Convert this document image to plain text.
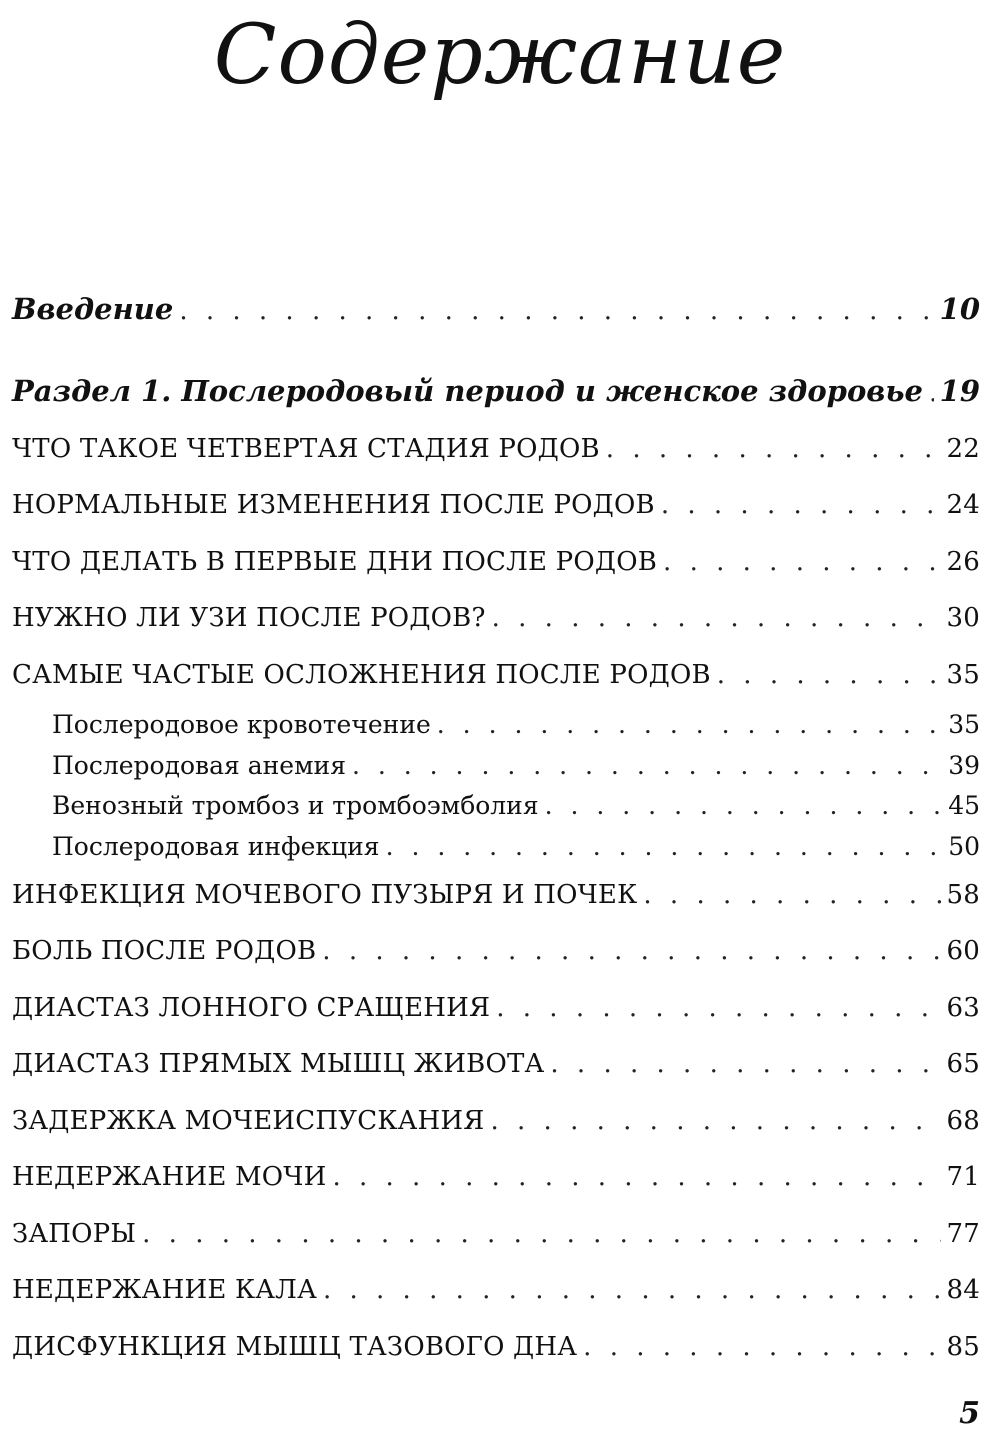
Содержание
Введение . . .	10
Раздел 1. Послеродовый период и женское здоровье . . . 19
ЧТО ТАКОЕ ЧЕТВЕРТАЯ СТАДИЯ РОДОВ . . .	22
НОРМАЛЬНЫЕ ИЗМЕНЕНИЯ ПОСЛЕ РОДОВ . . .	24
ЧТО ДЕЛАТЬ В ПЕРВЫЕ ДНИ ПОСЛЕ РОДОВ . . .	26
НУЖНО ЛИ УЗИ ПОСЛЕ РОДОВ? . . .	30
САМЫЕ ЧАСТЫЕ ОСЛОЖНЕНИЯ ПОСЛЕ РОДОВ . . .	35
Послеродовое кровотечение . . .	35
Послеродовая анемия . . .	39
Венозный тромбоз и тромбоэмболия . . .	45
Послеродовая инфекция . . .	50
ИНФЕКЦИЯ МОЧЕВОГО ПУЗЫРЯ И ПОЧЕК . . .	58
БОЛЬ ПОСЛЕ РОДОВ . . .	60
ДИАСТАЗ ЛОННОГО СРАЩЕНИЯ . . .	63
ДИАСТАЗ ПРЯМЫХ МЫШЦ ЖИВОТА . . .	65
ЗАДЕРЖКА МОЧЕИСПУСКАНИЯ . . .	68
НЕДЕРЖАНИЕ МОЧИ . . .	71
ЗАПОРЫ . . .	77
НЕДЕРЖАНИЕ КАЛА . . .	84
ДИСФУНКЦИЯ МЫШЦ ТАЗОВОГО ДНА . . .	85

5
